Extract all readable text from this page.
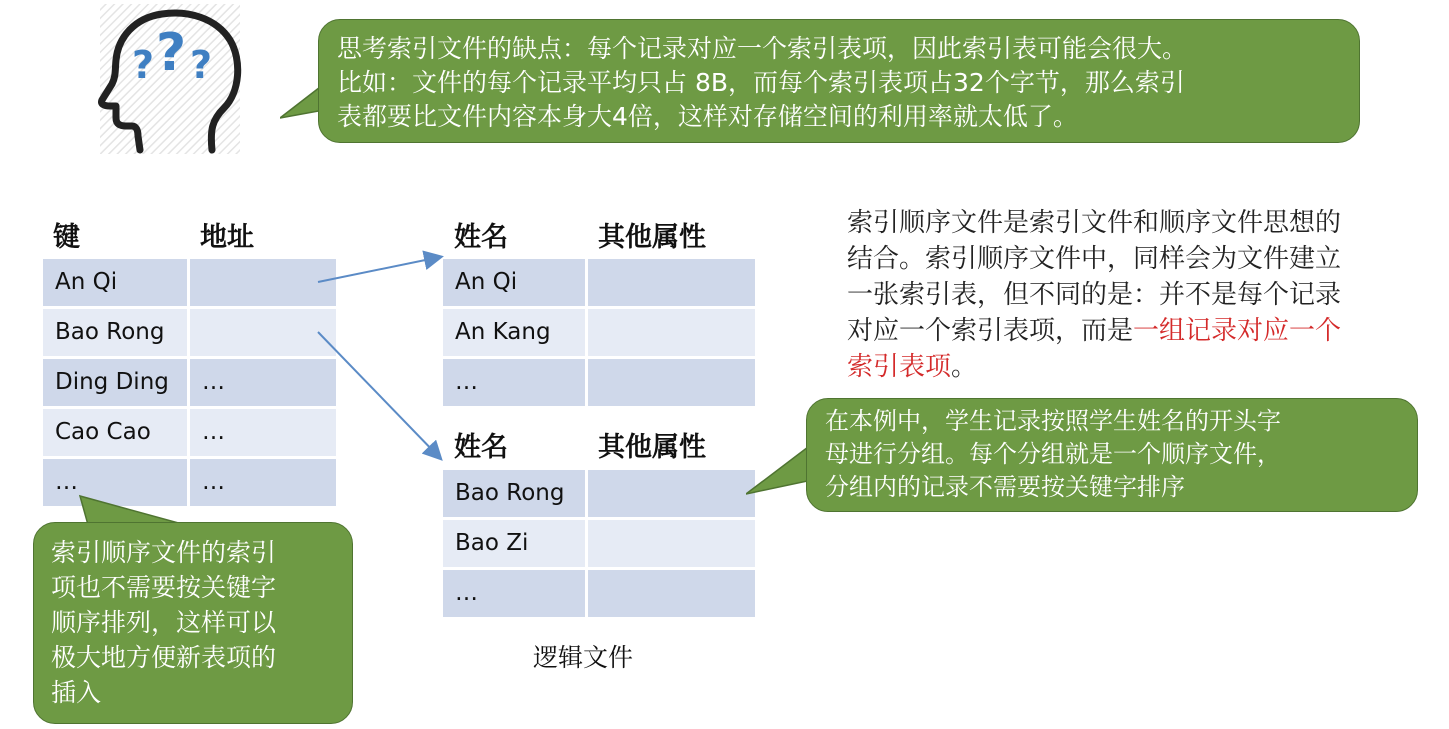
? ? ?	思考索引文件的缺点：每个记录对应一个索引表项，因此索引表可能会很大。
比如：文件的每个记录平均只占 8B，而每个索引表项占32个字节，那么索引
表都要比文件内容本身大4倍，这样对存储空间的利用率就太低了。
键	地址
An Qi
Bao Rong
Ding Ding	…
Cao Cao	…
…	…
姓名	其他属性
An Qi
An Kang
…
姓名	其他属性
Bao Rong
Bao Zi
…
逻辑文件
索引顺序文件是索引文件和顺序文件思想的
结合。索引顺序文件中，同样会为文件建立
一张索引表，但不同的是：并不是每个记录
对应一个索引表项，而是一组记录对应一个
索引表项。
在本例中，学生记录按照学生姓名的开头字
母进行分组。每个分组就是一个顺序文件，
分组内的记录不需要按关键字排序
索引顺序文件的索引
项也不需要按关键字
顺序排列，这样可以
极大地方便新表项的
插入
